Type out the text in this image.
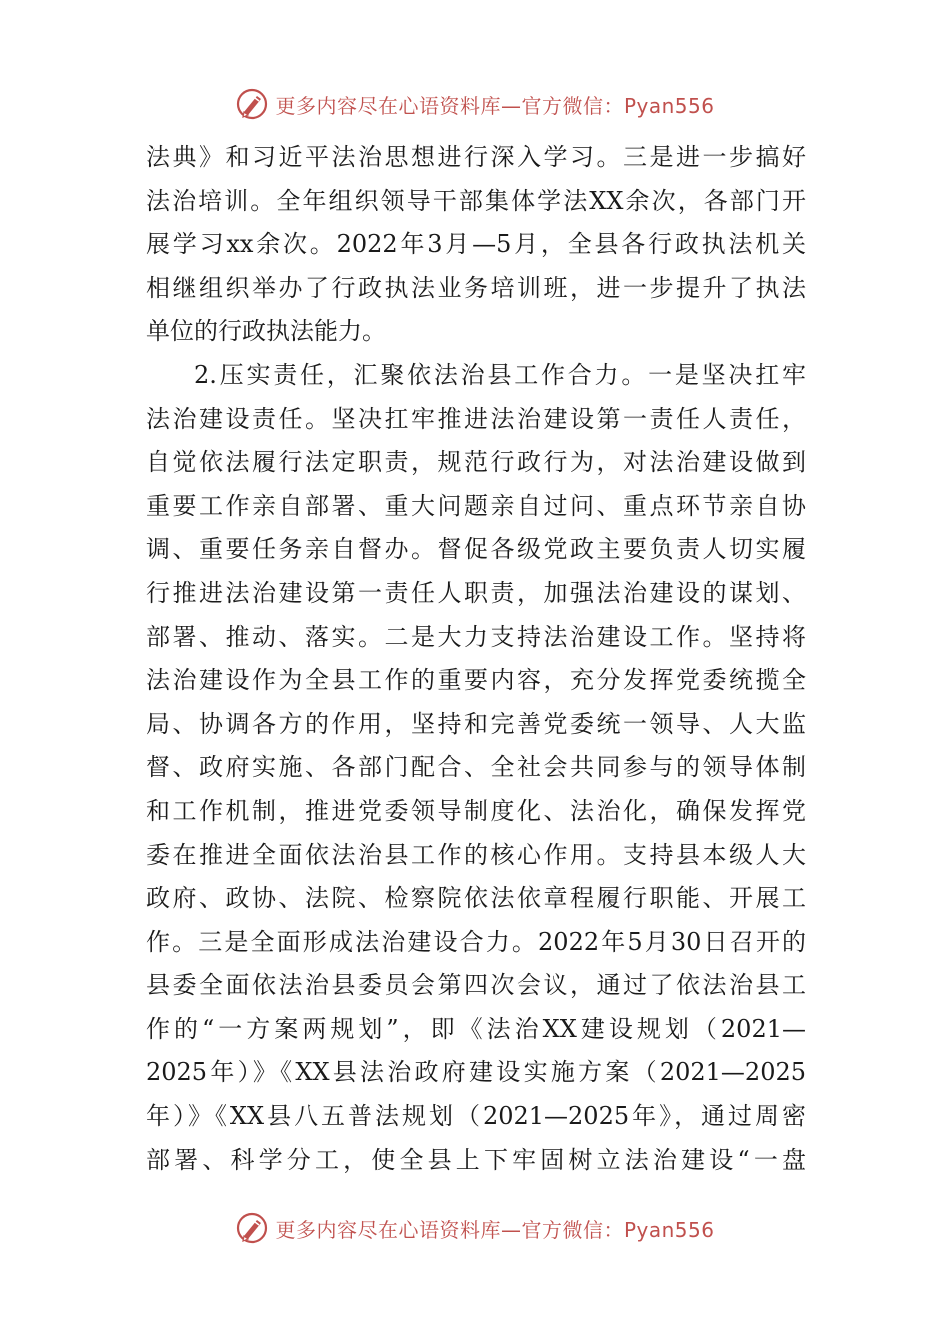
更多内容尽在心语资料库—官方微信：Pyan556
法典》和习近平法治思想进行深入学习。三是进一步搞好
法治培训。全年组织领导干部集体学法XX余次，各部门开
展学习xx余次。2022年3月—5月，全县各行政执法机关
相继组织举办了行政执法业务培训班，进一步提升了执法
单位的行政执法能力。
2.压实责任，汇聚依法治县工作合力。一是坚决扛牢
法治建设责任。坚决扛牢推进法治建设第一责任人责任，
自觉依法履行法定职责，规范行政行为，对法治建设做到
重要工作亲自部署、重大问题亲自过问、重点环节亲自协
调、重要任务亲自督办。督促各级党政主要负责人切实履
行推进法治建设第一责任人职责，加强法治建设的谋划、
部署、推动、落实。二是大力支持法治建设工作。坚持将
法治建设作为全县工作的重要内容，充分发挥党委统揽全
局、协调各方的作用，坚持和完善党委统一领导、人大监
督、政府实施、各部门配合、全社会共同参与的领导体制
和工作机制，推进党委领导制度化、法治化，确保发挥党
委在推进全面依法治县工作的核心作用。支持县本级人大
政府、政协、法院、检察院依法依章程履行职能、开展工
作。三是全面形成法治建设合力。2022年5月30日召开的
县委全面依法治县委员会第四次会议，通过了依法治县工
作的“一方案两规划”，即《法治XX建设规划（2021—
2025年）》《XX县法治政府建设实施方案（2021—2025
年）》《XX县八五普法规划（2021—2025年》，通过周密
部署、科学分工，使全县上下牢固树立法治建设“一盘
更多内容尽在心语资料库—官方微信：Pyan556
